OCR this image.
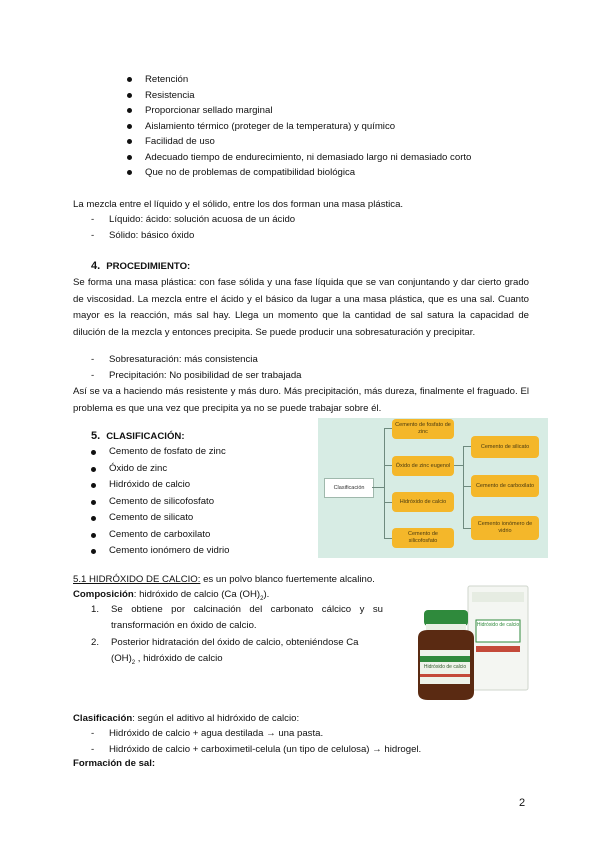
Retención
Resistencia
Proporcionar sellado marginal
Aislamiento térmico (proteger de la temperatura) y químico
Facilidad de uso
Adecuado tiempo de endurecimiento, ni demasiado largo ni demasiado corto
Que no de problemas de compatibilidad biológica
La mezcla entre el líquido y el sólido, entre los dos forman una masa plástica.
- Líquido: ácido: solución acuosa de un ácido
- Sólido: básico óxido
4. PROCEDIMIENTO:
Se forma una masa plástica: con fase sólida y una fase líquida que se van conjuntando y dar cierto grado de viscosidad. La mezcla entre el ácido y el básico da lugar a una masa plástica, que es una sal. Cuanto mayor es la reacción, más sal hay. Llega un momento que la cantidad de sal satura la capacidad de dilución de la mezcla y entonces precipita. Se puede producir una sobresaturación y precipitar.
- Sobresaturación: más consistencia
- Precipitación: No posibilidad de ser trabajada
Así se va a haciendo más resistente y más duro. Más precipitación, más dureza, finalmente el fraguado. El problema es que una vez que precipita ya no se puede trabajar sobre él.
5. CLASIFICACIÓN:
Cemento de fosfato de zinc
Óxido de zinc
Hidróxido de calcio
Cemento de silicofosfato
Cemento de silicato
Cemento de carboxilato
Cemento ionómero de vidrio
Clasificación
Cemento de fosfato de zinc
Óxido de zinc eugenol
Hidróxido de calcio
Cemento de silicofosfato
Cemento de silicato
Cemento de carboxilato
Cemento ionómero de vidrio
5.1 HIDRÓXIDO DE CALCIO: es un polvo blanco fuertemente alcalino.
Composición: hidróxido de calcio (Ca $(OH)_2$).
1. Se obtiene por calcinación del carbonato cálcico y su transformación en óxido de calcio.
2. Posterior hidratación del óxido de calcio, obteniéndose Ca $(OH)_2$ , hidróxido de calcio
Hidróxido de calcio
Hidróxido de calcio
Clasificación: según el aditivo al hidróxido de calcio:
- Hidróxido de calcio + agua destilada → una pasta.
- Hidróxido de calcio + carboximetil-celula (un tipo de celulosa) → hidrogel.
Formación de sal:
2
